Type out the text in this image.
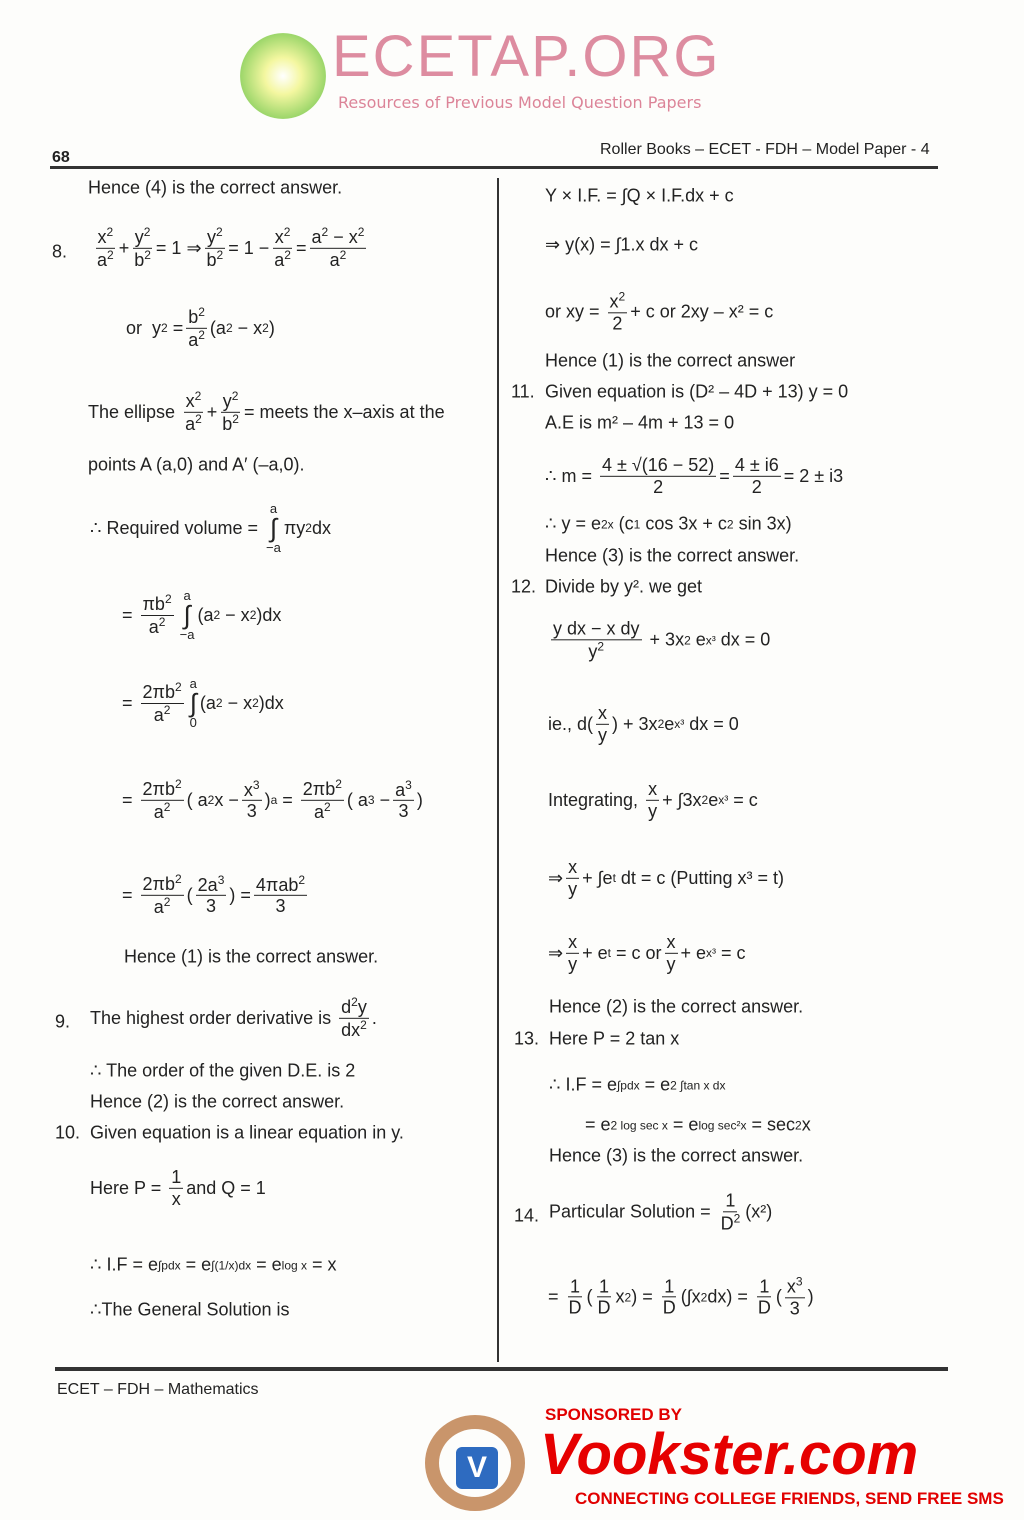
68	Roller Books – ECET - FDH – Model Paper - 4
ECET – FDH – Mathematics
ECETAP.ORG
Resources of Previous Model Question Papers
8.
9.
10.
11.
12.
13.
14.
Hence (4) is the correct answer.
$\frac{x^2}{a^2} + \frac{y^2}{b^2} = 1$ ⇒ $\frac{y^2}{b^2} = 1 - \frac{x^2}{a^2} = \frac{a^2 - x^2}{a^2}$
or  y $2 = \frac{b^2}{a^2} (a$ 2 − x 2 )
The ellipse $\frac{x^2}{a^2} + \frac{y^2}{b^2}$ = meets the x–axis at the
points A (a,0) and A′ (–a,0).
∴ Required volume =
a
∫
−a
πy 2 dx
= $\frac{\pi b^2}{a^2}$ a
∫
−a
(a 2 − x 2 )dx
= $\frac{2\pi b^2}{a^2}$ a
∫
0
(a 2 − x 2 )dx
= $\frac{2\pi b^2}{a^2}$ ( a 2 $x - \frac{x^3}{3}$ ) $a = \frac{2\pi b^2}{a^2}$ ( a $3 - \frac{a^3}{3}$ )
= $\frac{2\pi b^2}{a^2}$ ( $\frac{2a^3}{3}$ ) =
4πab$^2$
3
Hence (1) is the correct answer.
The highest order derivative is $\frac{d^2y}{dx^2}$ .
∴ The order of the given D.E. is 2
Hence (2) is the correct answer.
Given equation is a linear equation in y.
Here $P = \frac{1}{x}$ and Q = 1
∴ I.F = e ∫pdx = e ∫(1/x)dx = e log x = x
∴The General Solution is
Y × I.F. = ∫Q × I.F.dx + c
⇒ y(x) = ∫1.x dx + c
or xy = $\frac{x^2}{2} + c$ or 2xy – x² = c
Hence (1) is the correct answer
Given equation is (D² – 4D + 13) y = 0
A.E is m² – 4m + 13 = 0
∴ $m = \frac{4 \pm √(16 - 52)}{2} = \frac{4 \pm i6}{2} = 2 \pm i3$
∴ y = e 2x (c 1 cos 3x + c 2 sin 3x)
Hence (3) is the correct answer.
Divide by y². we get
$\frac{\text{y dx − x dy}}{y^2} + 3x$ 2 e x³ dx = 0
ie., $d( \frac{x}{y}$ ) + 3x 2 e x³ dx = 0
Integrating, $\frac{x}{y} + \int 3x$ 2 e x³ = c
⇒ $\frac{x}{y} + \int e$ t dt = c (Putting x³ = t)
⇒ $\frac{x}{y} + e$ t = c or $\frac{x}{y} + e$ x³ = c
Hence (2) is the correct answer.
Here P = 2 tan x
∴ I.F = e ∫pdx = e 2 ∫tan x dx
= e 2 log sec x = e log sec²x = sec 2 x
Hence (3) is the correct answer.
Particular Solution = $\frac{1}{D^2} (x^2)$
= $\frac{1}{D}$ ( $\frac{1}{D}$ x 2 ) = $\frac{1}{D} (\int x$ 2 $dx) = \frac{1}{D}$ ( $\frac{x^3}{3}$ )
V
SPONSORED BY
Vookster.com
CONNECTING COLLEGE FRIENDS, SEND FREE SMS
